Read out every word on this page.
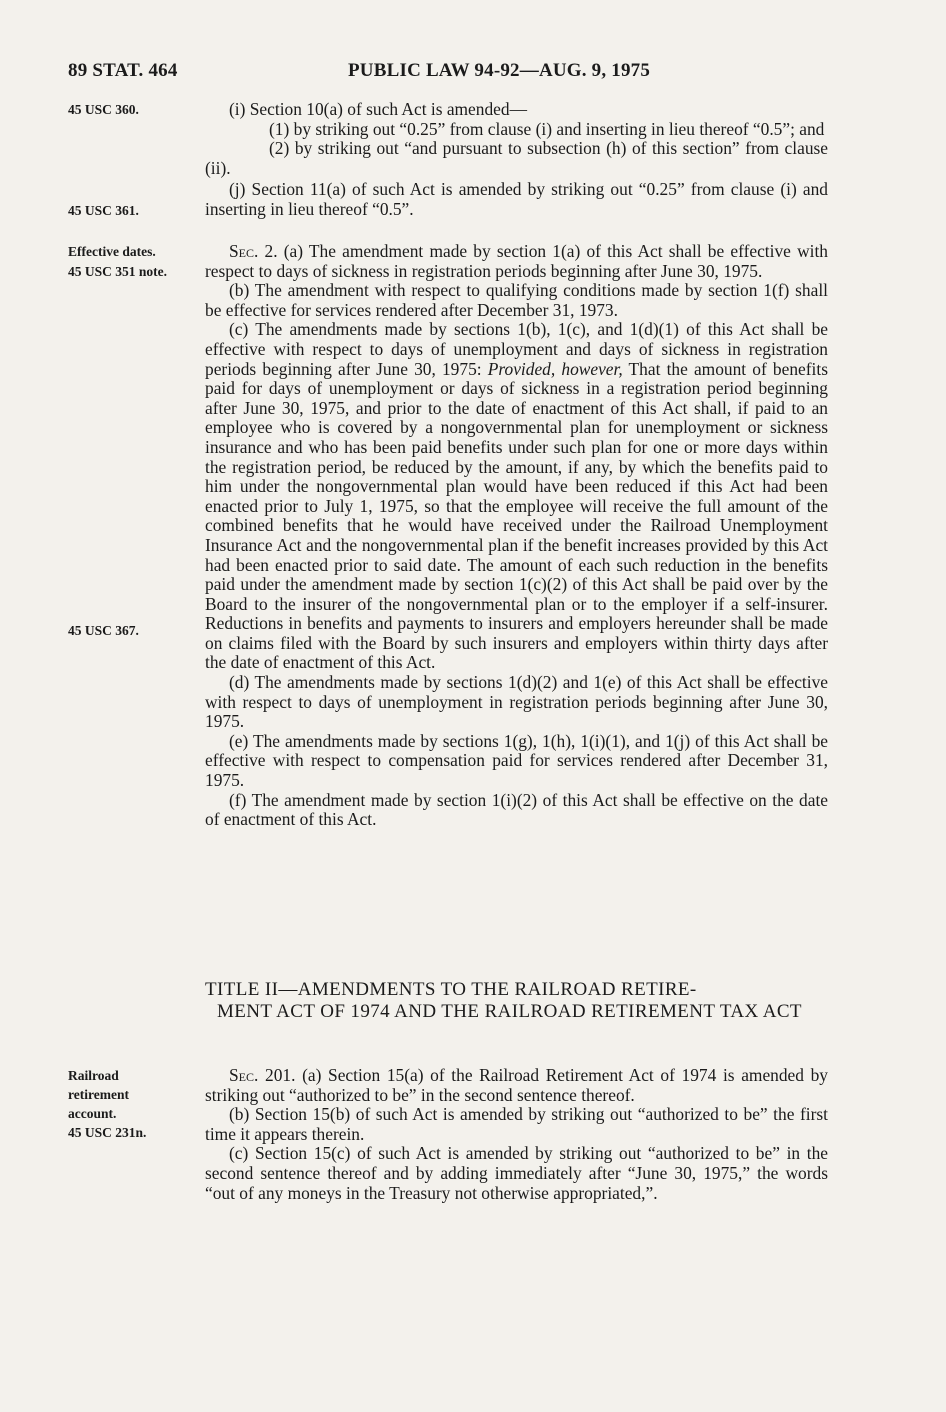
89 STAT. 464	PUBLIC LAW 94-92—AUG. 9, 1975
45 USC 360.
45 USC 361.
Effective dates.
45 USC 351 note.
45 USC 367.
Railroad
retirement
account.
45 USC 231n.

(i) Section 10(a) of such Act is amended—

(1) by striking out “0.25” from clause (i) and inserting in lieu thereof “0.5”; and

(2) by striking out “and pursuant to subsection (h) of this section” from clause (ii).

(j) Section 11(a) of such Act is amended by striking out “0.25” from clause (i) and inserting in lieu thereof “0.5”.

Sec. 2. (a) The amendment made by section 1(a) of this Act shall be effective with respect to days of sickness in registration periods beginning after June 30, 1975.

(b) The amendment with respect to qualifying conditions made by section 1(f) shall be effective for services rendered after December 31, 1973.

(c) The amendments made by sections 1(b), 1(c), and 1(d)(1) of this Act shall be effective with respect to days of unemployment and days of sickness in registration periods beginning after June 30, 1975: Provided, however, That the amount of benefits paid for days of unemployment or days of sickness in a registration period beginning after June 30, 1975, and prior to the date of enactment of this Act shall, if paid to an employee who is covered by a nongovernmental plan for unemployment or sickness insurance and who has been paid benefits under such plan for one or more days within the registration period, be reduced by the amount, if any, by which the benefits paid to him under the nongovernmental plan would have been reduced if this Act had been enacted prior to July 1, 1975, so that the employee will receive the full amount of the combined benefits that he would have received under the Railroad Unemployment Insurance Act and the nongovernmental plan if the benefit increases provided by this Act had been enacted prior to said date. The amount of each such reduction in the benefits paid under the amendment made by section 1(c)(2) of this Act shall be paid over by the Board to the insurer of the nongovernmental plan or to the employer if a self-insurer. Reductions in benefits and payments to insurers and employers hereunder shall be made on claims filed with the Board by such insurers and employers within thirty days after the date of enactment of this Act.

(d) The amendments made by sections 1(d)(2) and 1(e) of this Act shall be effective with respect to days of unemployment in registration periods beginning after June 30, 1975.

(e) The amendments made by sections 1(g), 1(h), 1(i)(1), and 1(j) of this Act shall be effective with respect to compensation paid for services rendered after December 31, 1975.

(f) The amendment made by section 1(i)(2) of this Act shall be effective on the date of enactment of this Act.

TITLE II—AMENDMENTS TO THE RAILROAD RETIRE-
MENT ACT OF 1974 AND THE RAILROAD RETIREMENT TAX ACT

Sec. 201. (a) Section 15(a) of the Railroad Retirement Act of 1974 is amended by striking out “authorized to be” in the second sentence thereof.

(b) Section 15(b) of such Act is amended by striking out “authorized to be” the first time it appears therein.

(c) Section 15(c) of such Act is amended by striking out “authorized to be” in the second sentence thereof and by adding immediately after “June 30, 1975,” the words “out of any moneys in the Treasury not otherwise appropriated,”.
